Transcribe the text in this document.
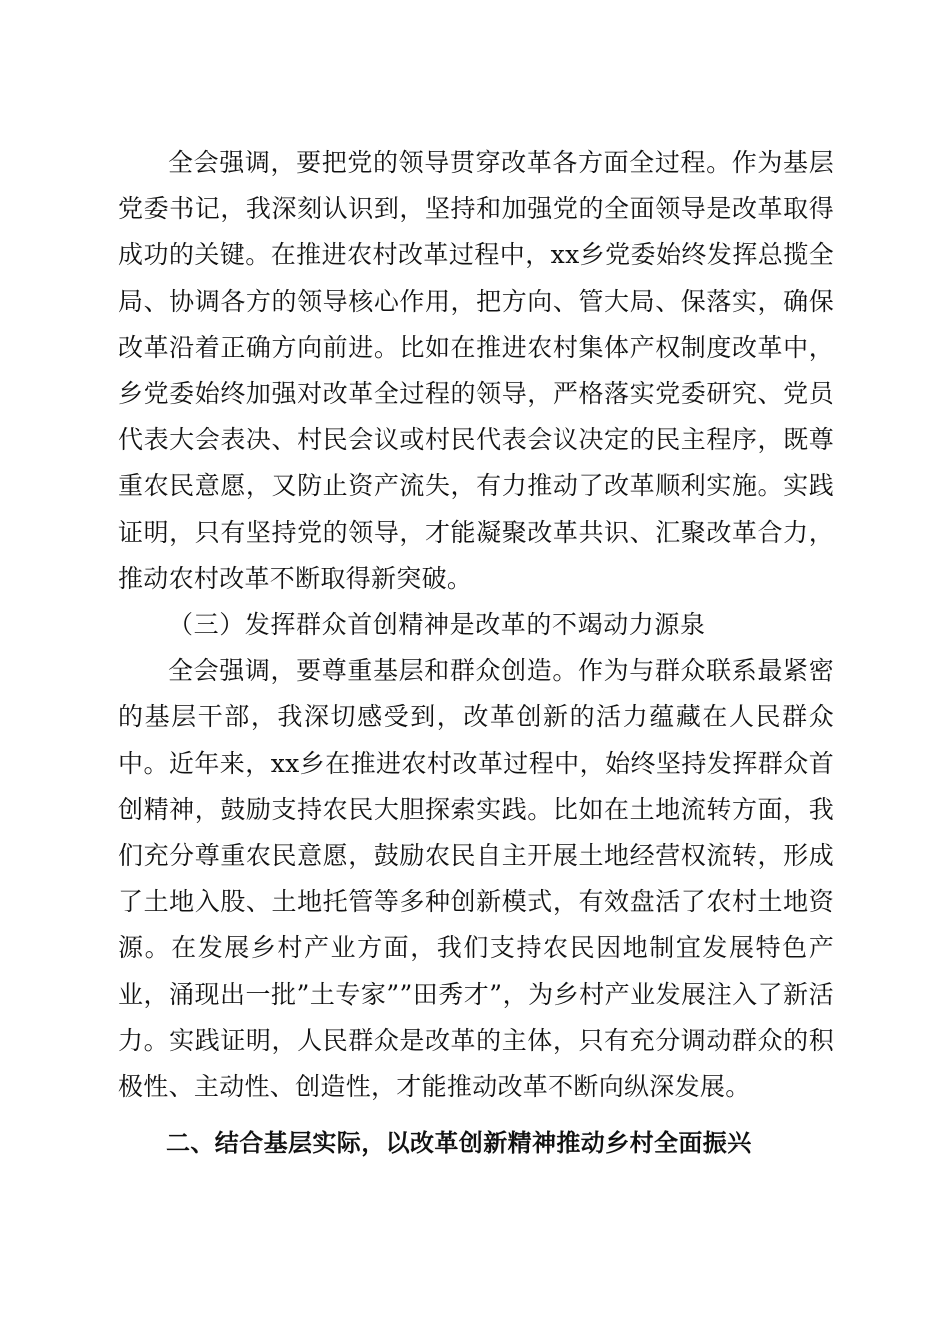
全会强调，要把党的领导贯穿改革各方面全过程。作为基层党委书记，我深刻认识到，坚持和加强党的全面领导是改革取得成功的关键。在推进农村改革过程中，xx乡党委始终发挥总揽全局、协调各方的领导核心作用，把方向、管大局、保落实，确保改革沿着正确方向前进。比如在推进农村集体产权制度改革中，乡党委始终加强对改革全过程的领导，严格落实党委研究、党员代表大会表决、村民会议或村民代表会议决定的民主程序，既尊重农民意愿，又防止资产流失，有力推动了改革顺利实施。实践证明，只有坚持党的领导，才能凝聚改革共识、汇聚改革合力，推动农村改革不断取得新突破。

（三）发挥群众首创精神是改革的不竭动力源泉

全会强调，要尊重基层和群众创造。作为与群众联系最紧密的基层干部，我深切感受到，改革创新的活力蕴藏在人民群众中。近年来，xx乡在推进农村改革过程中，始终坚持发挥群众首创精神，鼓励支持农民大胆探索实践。比如在土地流转方面，我们充分尊重农民意愿，鼓励农民自主开展土地经营权流转，形成了土地入股、土地托管等多种创新模式，有效盘活了农村土地资源。在发展乡村产业方面，我们支持农民因地制宜发展特色产业，涌现出一批”土专家””田秀才”，为乡村产业发展注入了新活力。实践证明，人民群众是改革的主体，只有充分调动群众的积极性、主动性、创造性，才能推动改革不断向纵深发展。

二、结合基层实际，以改革创新精神推动乡村全面振兴
